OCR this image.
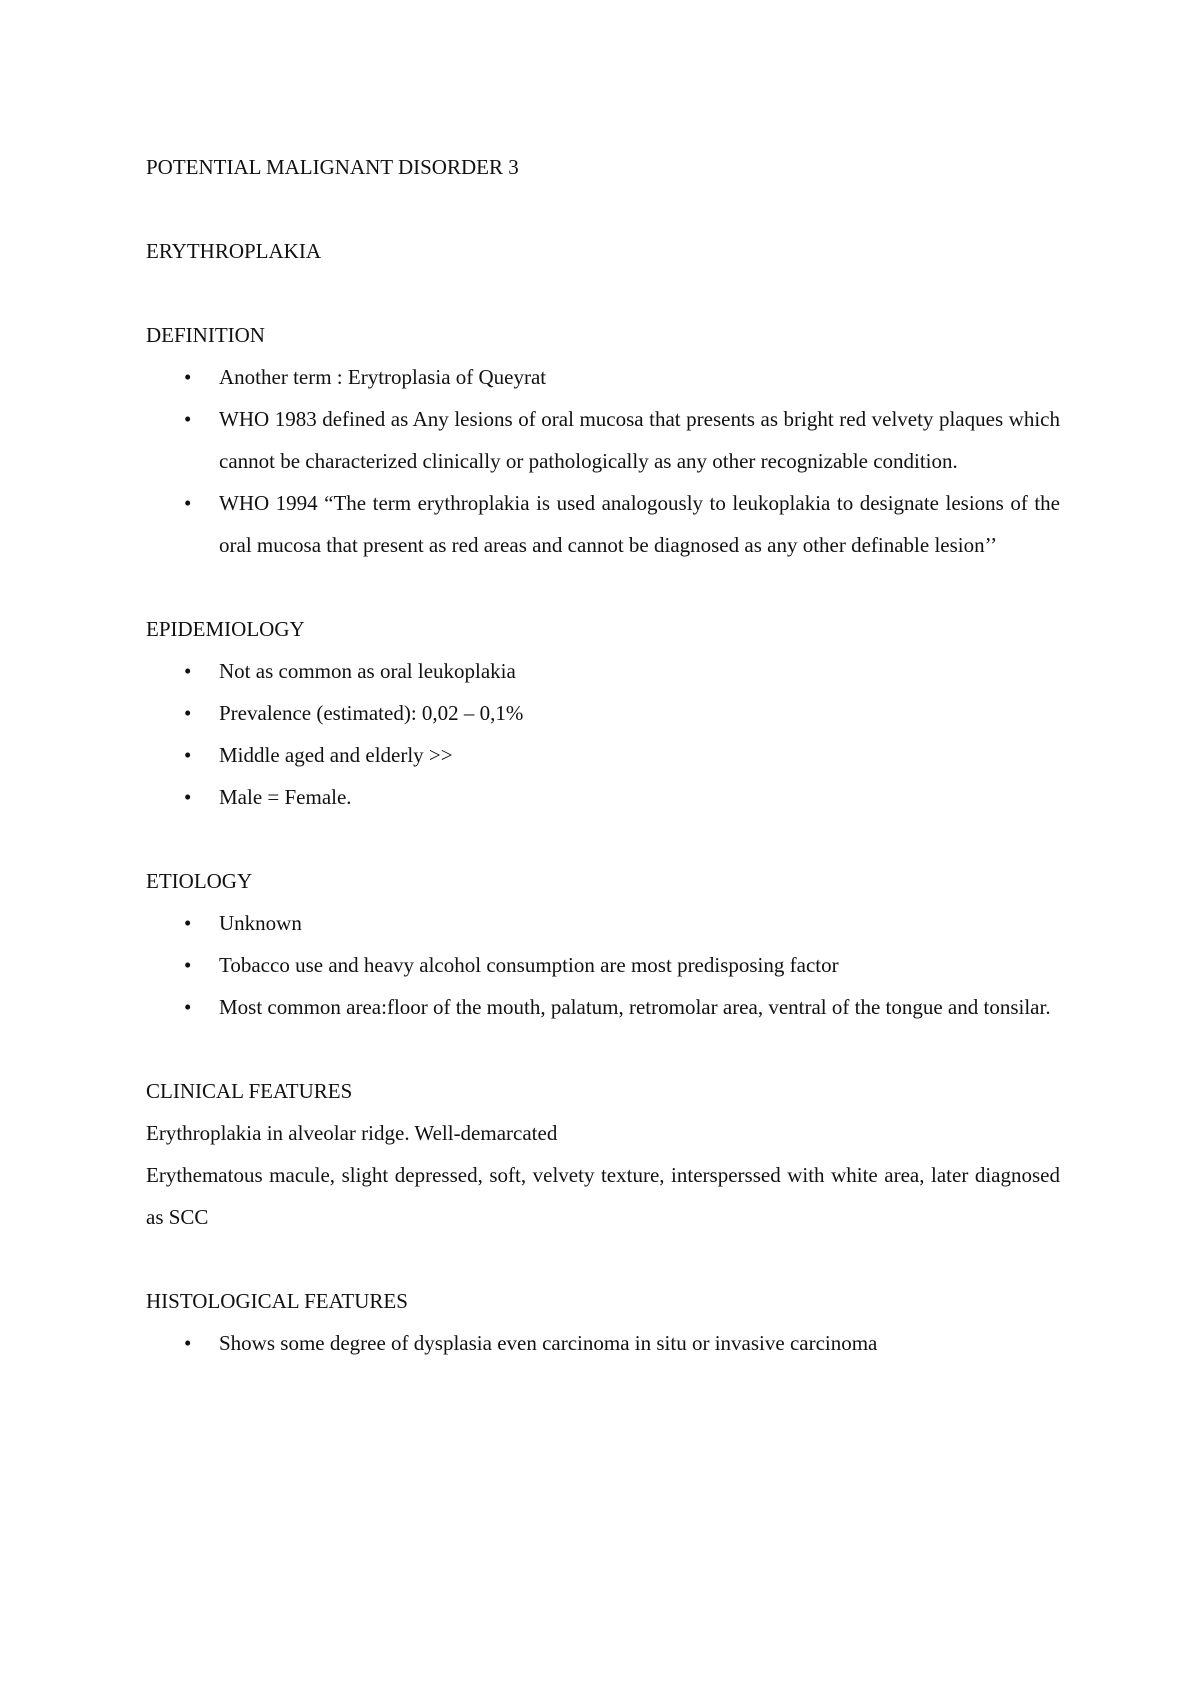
POTENTIAL MALIGNANT DISORDER 3
ERYTHROPLAKIA
DEFINITION
• Another term : Erytroplasia of Queyrat
• WHO 1983 defined as Any lesions of oral mucosa that presents as bright red velvety plaques which cannot be characterized clinically or pathologically as any other recognizable condition.
• WHO 1994 “The term erythroplakia is used analogously to leukoplakia to designate lesions of the oral mucosa that present as red areas and cannot be diagnosed as any other definable lesion’’
EPIDEMIOLOGY
• Not as common as oral leukoplakia
• Prevalence (estimated): 0,02 – 0,1%
• Middle aged and elderly >>
• Male = Female.
ETIOLOGY
• Unknown
• Tobacco use and heavy alcohol consumption are most predisposing factor
• Most common area:floor of the mouth, palatum, retromolar area, ventral of the tongue and tonsilar.
CLINICAL FEATURES

Erythroplakia in alveolar ridge. Well-demarcated

Erythematous macule, slight depressed, soft, velvety texture, intersperssed with white area, later diagnosed as SCC

HISTOLOGICAL FEATURES
• Shows some degree of dysplasia even carcinoma in situ or invasive carcinoma
